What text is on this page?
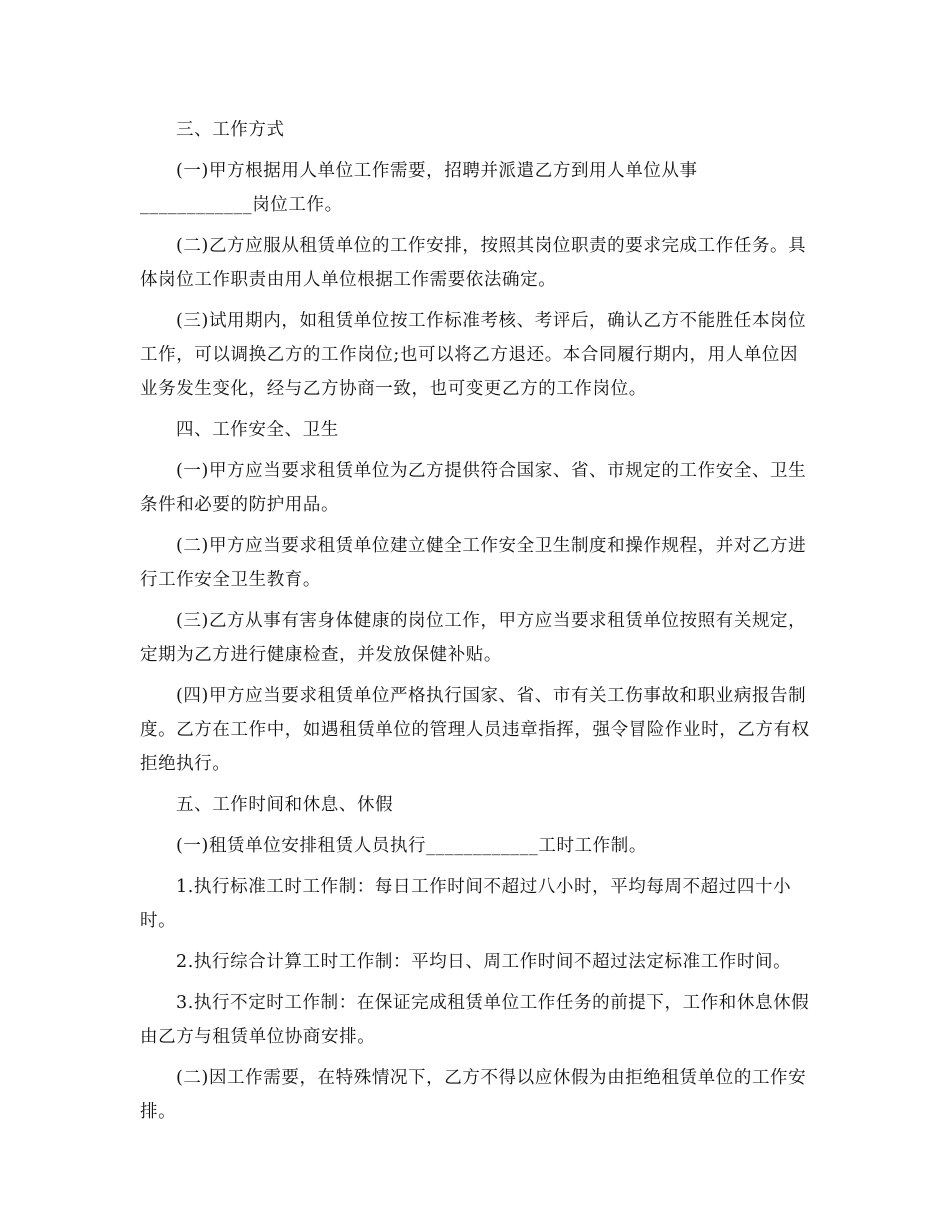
三、工作方式

(一)甲方根据用人单位工作需要，招聘并派遣乙方到用人单位从事
____________岗位工作。

(二)乙方应服从租赁单位的工作安排，按照其岗位职责的要求完成工作任务。具体岗位工作职责由用人单位根据工作需要依法确定。

(三)试用期内，如租赁单位按工作标准考核、考评后，确认乙方不能胜任本岗位工作，可以调换乙方的工作岗位;也可以将乙方退还。本合同履行期内，用人单位因业务发生变化，经与乙方协商一致，也可变更乙方的工作岗位。

四、工作安全、卫生

(一)甲方应当要求租赁单位为乙方提供符合国家、省、市规定的工作安全、卫生条件和必要的防护用品。

(二)甲方应当要求租赁单位建立健全工作安全卫生制度和操作规程，并对乙方进行工作安全卫生教育。

(三)乙方从事有害身体健康的岗位工作，甲方应当要求租赁单位按照有关规定，定期为乙方进行健康检查，并发放保健补贴。

(四)甲方应当要求租赁单位严格执行国家、省、市有关工伤事故和职业病报告制度。乙方在工作中，如遇租赁单位的管理人员违章指挥，强令冒险作业时，乙方有权拒绝执行。

五、工作时间和休息、休假

(一)租赁单位安排租赁人员执行____________工时工作制。

1.执行标准工时工作制：每日工作时间不超过八小时，平均每周不超过四十小时。

2.执行综合计算工时工作制：平均日、周工作时间不超过法定标准工作时间。

3.执行不定时工作制：在保证完成租赁单位工作任务的前提下，工作和休息休假由乙方与租赁单位协商安排。

(二)因工作需要，在特殊情况下，乙方不得以应休假为由拒绝租赁单位的工作安排。
